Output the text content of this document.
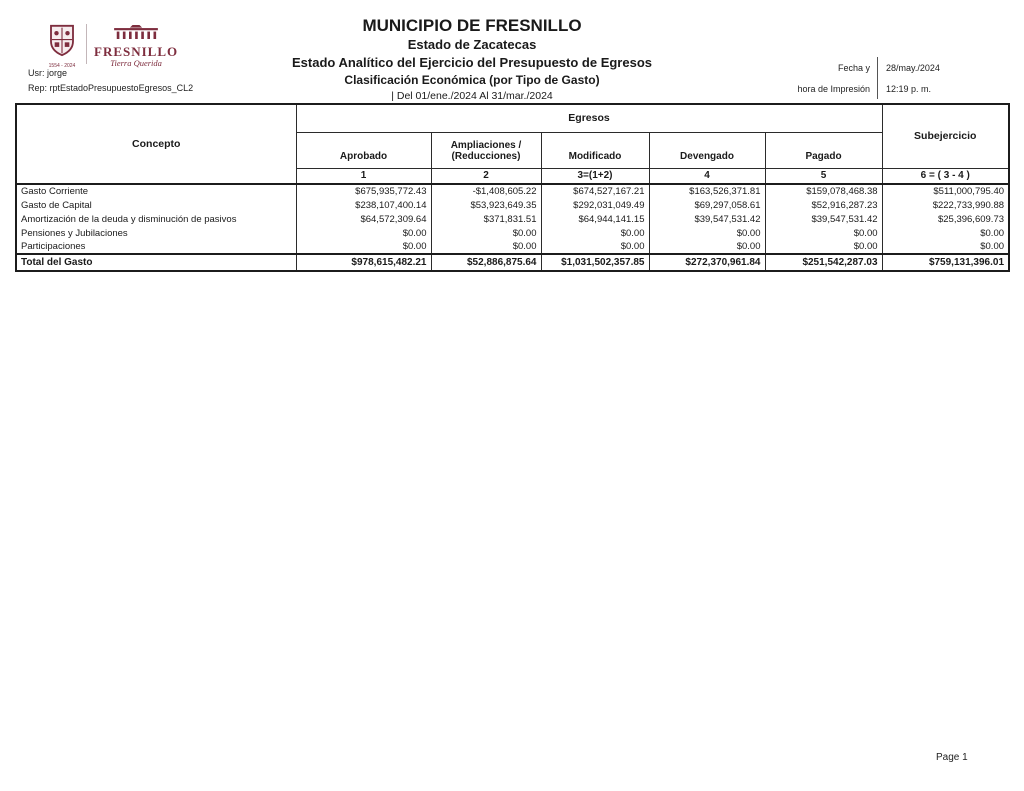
1554 - 2024
FRESNILLO
Tierra Querida
Usr: jorge
Rep: rptEstadoPresupuestoEgresos_CL2
MUNICIPIO DE FRESNILLO
Estado de Zacatecas
Estado Analítico del Ejercicio del Presupuesto de Egresos
Clasificación Económica (por Tipo de Gasto)
| Del 01/ene./2024 Al 31/mar./2024
Fecha y	28/may./2024
hora de Impresión	12:19 p. m.
Concepto	Egresos					Subejercicio
	Aprobado	Ampliaciones / (Reducciones)	Modificado	Devengado	Pagado	
	1	2	3=(1+2)	4	5	6 = ( 3 - 4 )
Gasto Corriente	$675,935,772.43	-$1,408,605.22	$674,527,167.21	$163,526,371.81	$159,078,468.38	$511,000,795.40
Gasto de Capital	$238,107,400.14	$53,923,649.35	$292,031,049.49	$69,297,058.61	$52,916,287.23	$222,733,990.88
Amortización de la deuda y disminución de pasivos	$64,572,309.64	$371,831.51	$64,944,141.15	$39,547,531.42	$39,547,531.42	$25,396,609.73
Pensiones y Jubilaciones	$0.00	$0.00	$0.00	$0.00	$0.00	$0.00
Participaciones	$0.00	$0.00	$0.00	$0.00	$0.00	$0.00
Total del Gasto	$978,615,482.21	$52,886,875.64	$1,031,502,357.85	$272,370,961.84	$251,542,287.03	$759,131,396.01
Page 1
